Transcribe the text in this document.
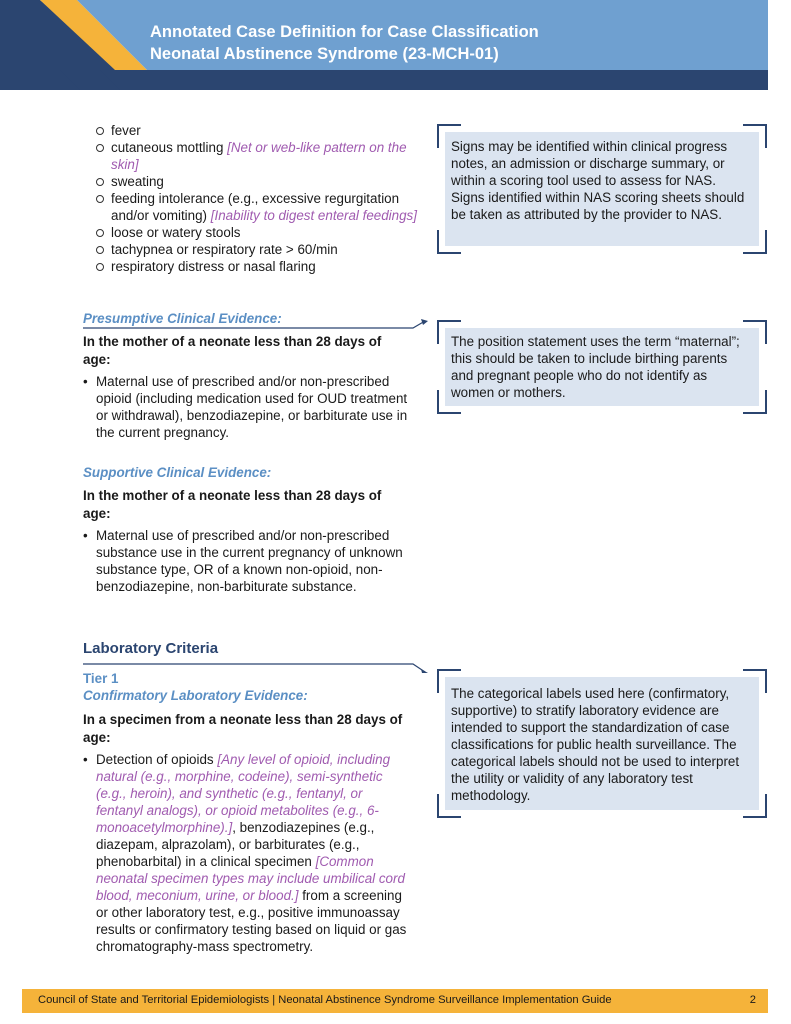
Annotated Case Definition for Case Classification
Neonatal Abstinence Syndrome (23-MCH-01)
fever
cutaneous mottling [Net or web-like pattern on the skin]
sweating
feeding intolerance (e.g., excessive regurgitation and/or vomiting) [Inability to digest enteral feedings]
loose or watery stools
tachypnea or respiratory rate > 60/min
respiratory distress or nasal flaring
Presumptive Clinical Evidence:
In the mother of a neonate less than 28 days of age:
• Maternal use of prescribed and/or non-prescribed opioid (including medication used for OUD treatment or withdrawal), benzodiazepine, or barbiturate use in the current pregnancy.
Supportive Clinical Evidence:
In the mother of a neonate less than 28 days of age:
• Maternal use of prescribed and/or non-prescribed substance use in the current pregnancy of unknown substance type, OR of a known non-opioid, non-benzodiazepine, non-barbiturate substance.
Laboratory Criteria
Tier 1
Confirmatory Laboratory Evidence:
In a specimen from a neonate less than 28 days of age:
• Detection of opioids [Any level of opioid, including natural (e.g., morphine, codeine), semi-synthetic (e.g., heroin), and synthetic (e.g., fentanyl, or fentanyl analogs), or opioid metabolites (e.g., 6-monoacetylmorphine).], benzodiazepines (e.g., diazepam, alprazolam), or barbiturates (e.g., phenobarbital) in a clinical specimen [Common neonatal specimen types may include umbilical cord blood, meconium, urine, or blood.] from a screening or other laboratory test, e.g., positive immunoassay results or confirmatory testing based on liquid or gas chromatography-mass spectrometry.
Signs may be identified within clinical progress notes, an admission or discharge summary, or within a scoring tool used to assess for NAS. Signs identified within NAS scoring sheets should be taken as attributed by the provider to NAS.
The position statement uses the term “maternal”; this should be taken to include birthing parents and pregnant people who do not identify as women or mothers.
The categorical labels used here (confirmatory, supportive) to stratify laboratory evidence are intended to support the standardization of case classifications for public health surveillance. The categorical labels should not be used to interpret the utility or validity of any laboratory test methodology.
Council of State and Territorial Epidemiologists | Neonatal Abstinence Syndrome Surveillance Implementation Guide	2
